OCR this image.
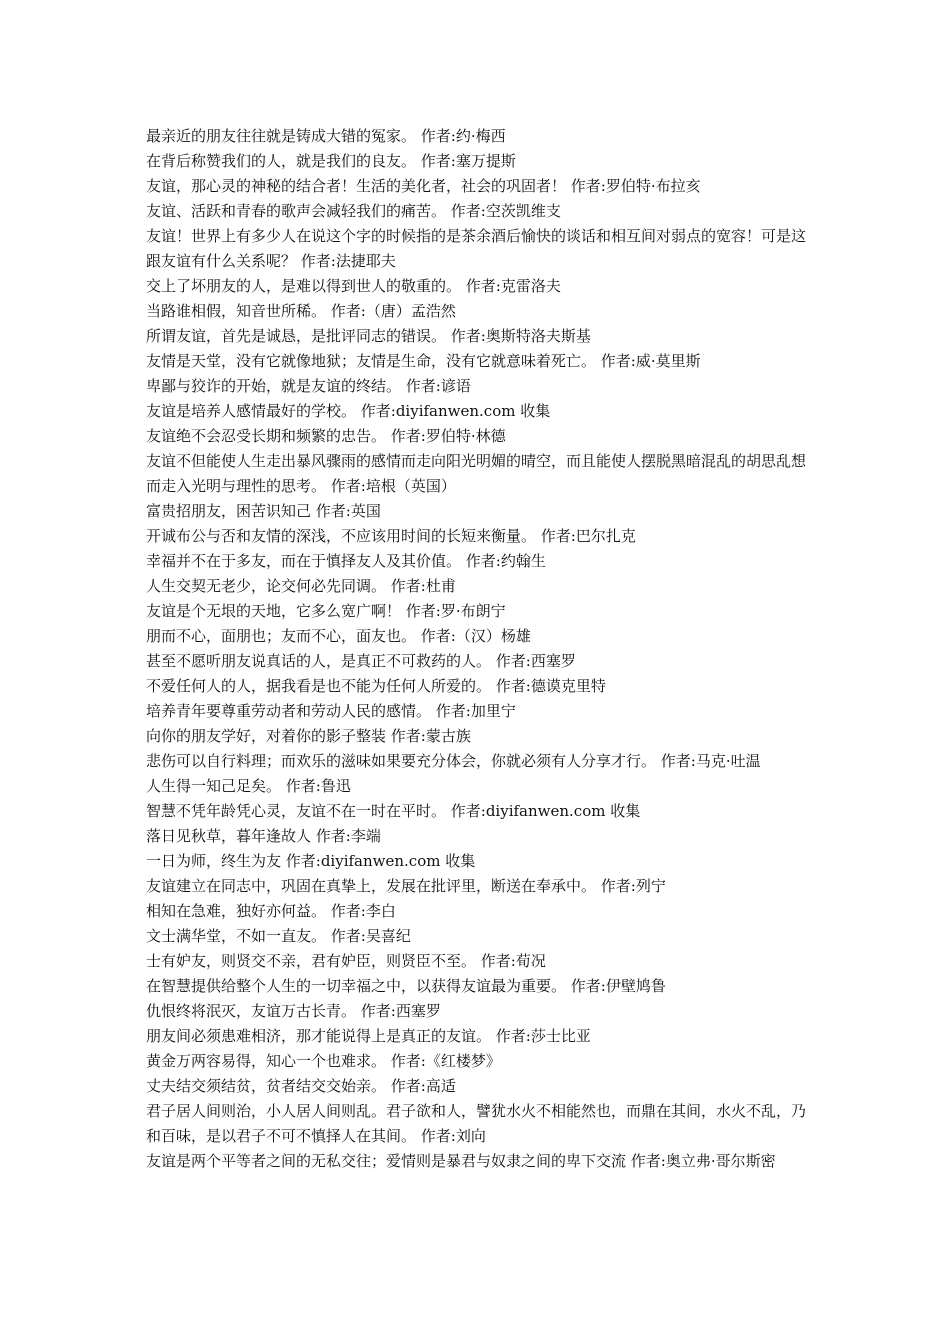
最亲近的朋友往往就是铸成大错的冤家。 作者:约·梅西

在背后称赞我们的人，就是我们的良友。 作者:塞万提斯

友谊，那心灵的神秘的结合者！生活的美化者，社会的巩固者！ 作者:罗伯特·布拉亥

友谊、活跃和青春的歌声会减轻我们的痛苦。 作者:空茨凯维支

友谊！世界上有多少人在说这个字的时候指的是茶余酒后愉快的谈话和相互间对弱点的宽容！可是这跟友谊有什么关系呢？ 作者:法捷耶夫

交上了坏朋友的人，是难以得到世人的敬重的。 作者:克雷洛夫

当路谁相假，知音世所稀。 作者:（唐）孟浩然

所谓友谊，首先是诚恳，是批评同志的错误。 作者:奥斯特洛夫斯基

友情是天堂，没有它就像地狱；友情是生命，没有它就意味着死亡。 作者:威·莫里斯

卑鄙与狡诈的开始，就是友谊的终结。 作者:谚语

友谊是培养人感情最好的学校。 作者:diyifanwen.com 收集

友谊绝不会忍受长期和频繁的忠告。 作者:罗伯特·林德

友谊不但能使人生走出暴风骤雨的感情而走向阳光明媚的晴空，而且能使人摆脱黑暗混乱的胡思乱想而走入光明与理性的思考。 作者:培根（英国）

富贵招朋友，困苦识知己 作者:英国

开诚布公与否和友情的深浅，不应该用时间的长短来衡量。 作者:巴尔扎克

幸福并不在于多友，而在于慎择友人及其价值。 作者:约翰生

人生交契无老少，论交何必先同调。 作者:杜甫

友谊是个无垠的天地，它多么宽广啊！ 作者:罗·布朗宁

朋而不心，面朋也；友而不心，面友也。 作者:（汉）杨雄

甚至不愿听朋友说真话的人，是真正不可救药的人。 作者:西塞罗

不爱任何人的人，据我看是也不能为任何人所爱的。 作者:德谟克里特

培养青年要尊重劳动者和劳动人民的感情。 作者:加里宁

向你的朋友学好，对着你的影子整装 作者:蒙古族

悲伤可以自行料理；而欢乐的滋味如果要充分体会，你就必须有人分享才行。 作者:马克·吐温

人生得一知己足矣。 作者:鲁迅

智慧不凭年龄凭心灵，友谊不在一时在平时。 作者:diyifanwen.com 收集

落日见秋草，暮年逢故人 作者:李端

一日为师，终生为友 作者:diyifanwen.com 收集

友谊建立在同志中，巩固在真挚上，发展在批评里，断送在奉承中。 作者:列宁

相知在急难，独好亦何益。 作者:李白

文士满华堂，不如一直友。 作者:吴喜纪

士有妒友，则贤交不亲，君有妒臣，则贤臣不至。 作者:荀况

在智慧提供给整个人生的一切幸福之中，以获得友谊最为重要。 作者:伊壁鸠鲁

仇恨终将泯灭，友谊万古长青。 作者:西塞罗

朋友间必须患难相济，那才能说得上是真正的友谊。 作者:莎士比亚

黄金万两容易得，知心一个也难求。 作者:《红楼梦》

丈夫结交须结贫，贫者结交交始亲。 作者:高适

君子居人间则治，小人居人间则乱。君子欲和人，譬犹水火不相能然也，而鼎在其间，水火不乱，乃和百味，是以君子不可不慎择人在其间。 作者:刘向

友谊是两个平等者之间的无私交往；爱情则是暴君与奴隶之间的卑下交流 作者:奥立弗·哥尔斯密
